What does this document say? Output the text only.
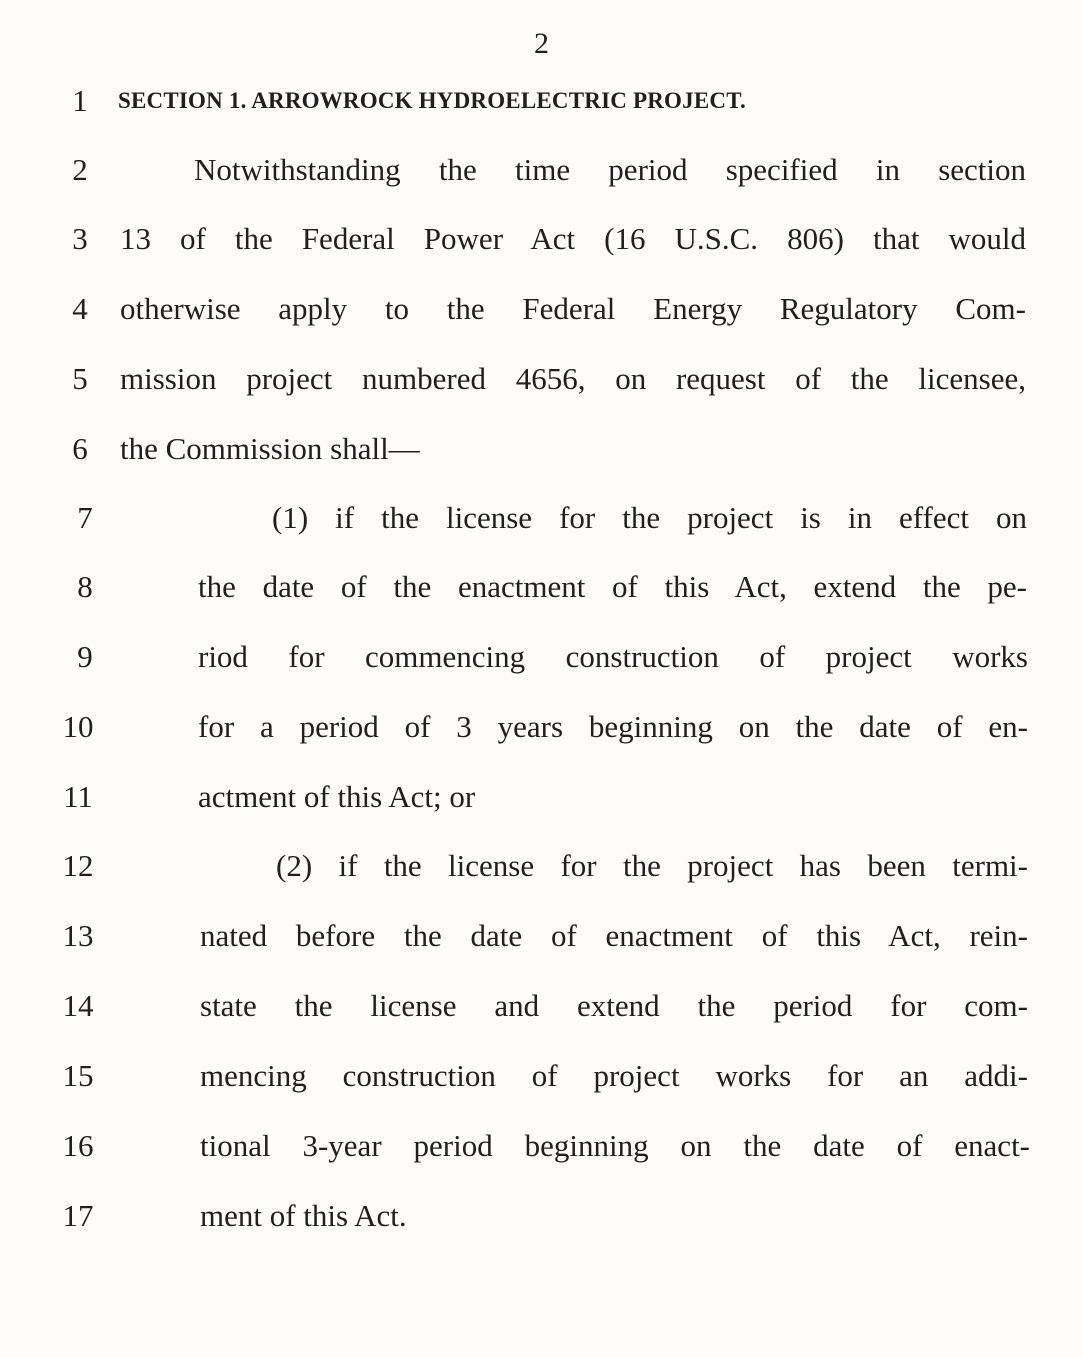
2
1	SECTION 1. ARROWROCK HYDROELECTRIC PROJECT.
2	Notwithstanding the time period specified in section
3	13 of the Federal Power Act (16 U.S.C. 806) that would
4	otherwise apply to the Federal Energy Regulatory Com-
5	mission project numbered 4656, on request of the licensee,
6	the Commission shall—
7	(1) if the license for the project is in effect on
8	the date of the enactment of this Act, extend the pe-
9	riod for commencing construction of project works
10	for a period of 3 years beginning on the date of en-
11	actment of this Act; or
12	(2) if the license for the project has been termi-
13	nated before the date of enactment of this Act, rein-
14	state the license and extend the period for com-
15	mencing construction of project works for an addi-
16	tional 3-year period beginning on the date of enact-
17	ment of this Act.
